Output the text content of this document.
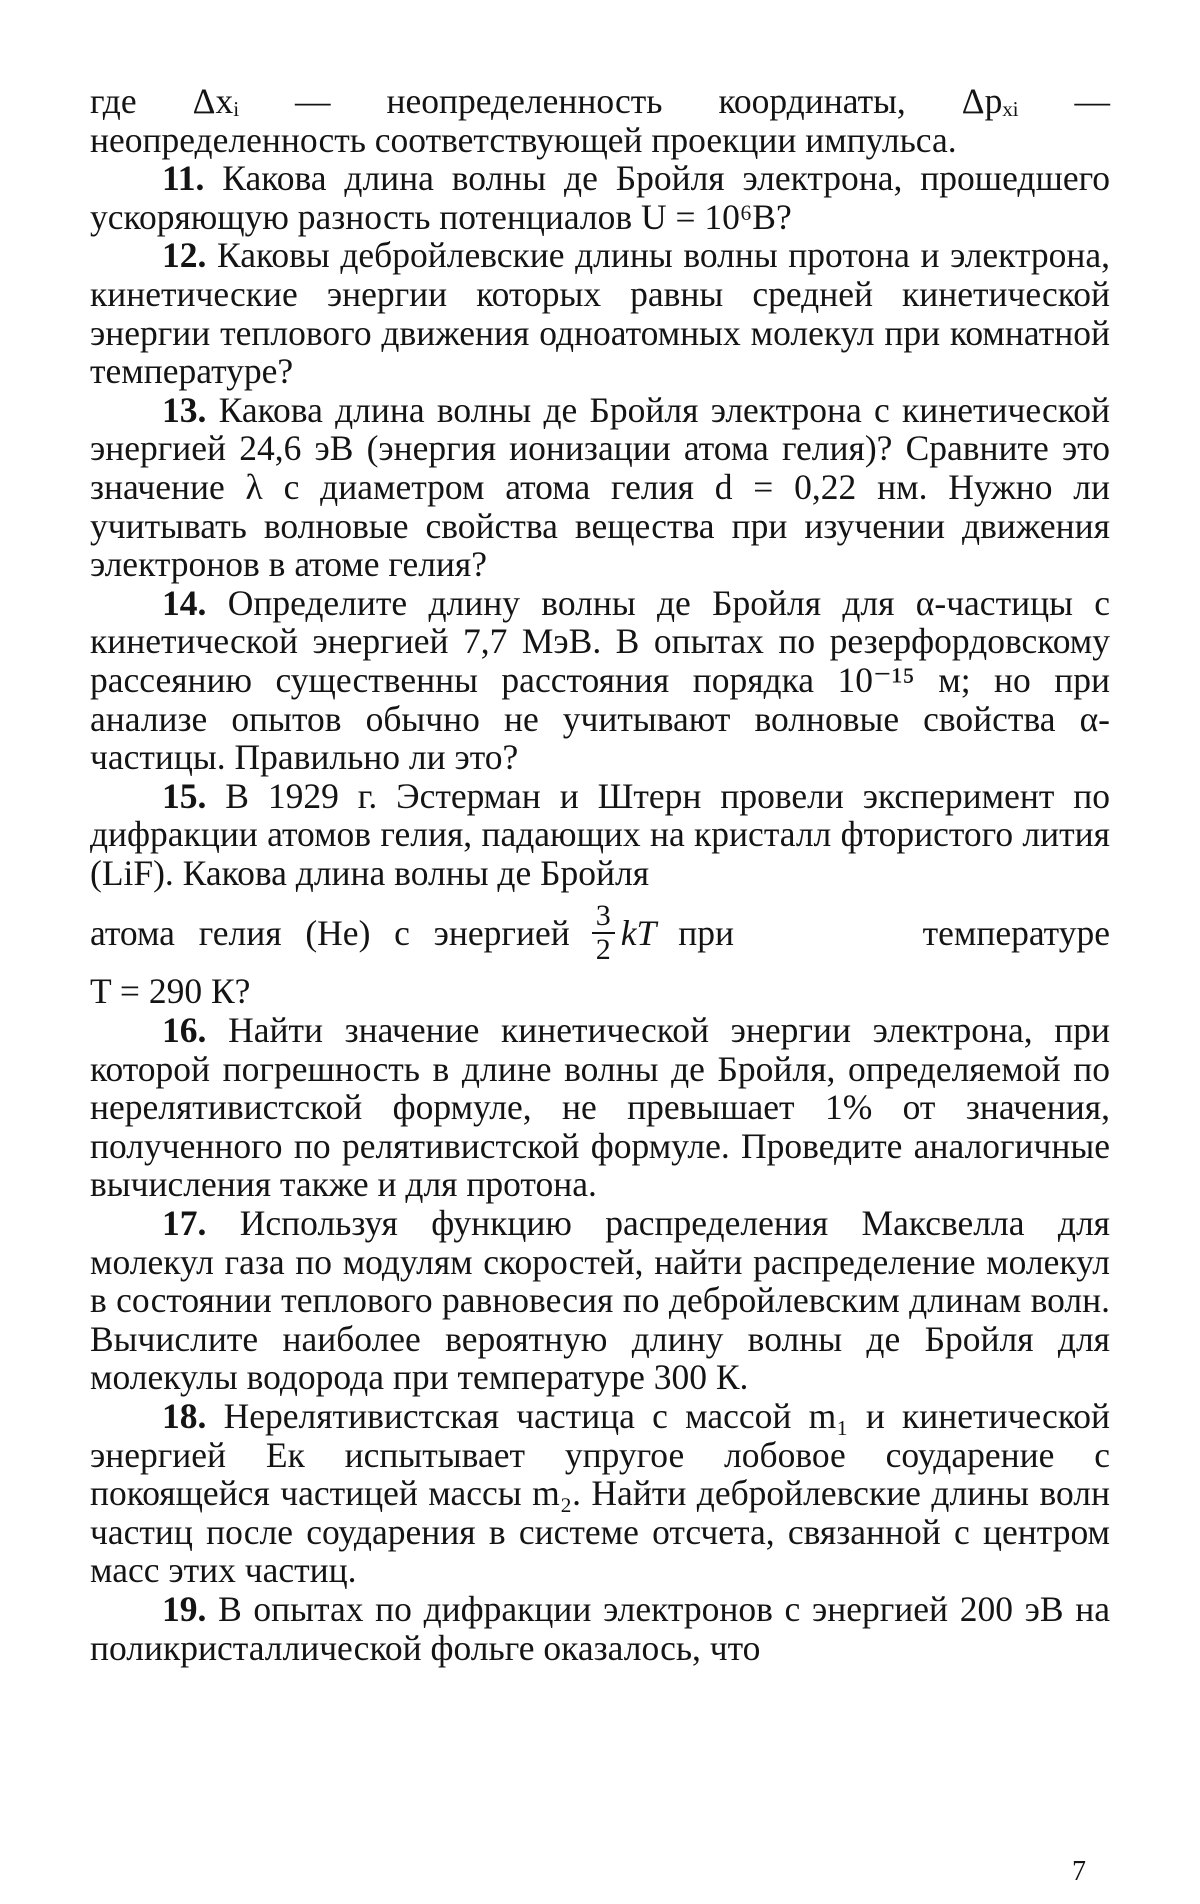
где Δxᵢ — неопределенность координаты, Δpₓᵢ — неопределенность соответствующей проекции импульса.

11. Какова длина волны де Бройля электрона, прошедшего ускоряющую разность потенциалов U = 10⁶В?

12. Каковы дебройлевские длины волны протона и электрона, кинетические энергии которых равны средней кинетической энергии теплового движения одноатомных молекул при комнатной температуре?

13. Какова длина волны де Бройля электрона с кинетической энергией 24,6 эВ (энергия ионизации атома гелия)? Сравните это значение λ с диаметром атома гелия d = 0,22 нм. Нужно ли учитывать волновые свойства вещества при изучении движения электронов в атоме гелия?

14. Определите длину волны де Бройля для α-частицы с кинетической энергией 7,7 МэВ. В опытах по резерфордовскому рассеянию существенны расстояния порядка 10⁻¹⁵ м; но при анализе опытов обычно не учитывают волновые свойства α-частицы. Правильно ли это?

15. В 1929 г. Эстерман и Штерн провели эксперимент по дифракции атомов гелия, падающих на кристалл фтористого лития (LiF). Какова длина волны де Бройля

атома гелия (He) с энергией $\frac{3}{2}$ kT при температуре

T = 290 К?

16. Найти значение кинетической энергии электрона, при которой погрешность в длине волны де Бройля, определяемой по нерелятивистской формуле, не превышает 1% от значения, полученного по релятивистской формуле. Проведите аналогичные вычисления также и для протона.

17. Используя функцию распределения Максвелла для молекул газа по модулям скоростей, найти распределение молекул в состоянии теплового равновесия по дебройлевским длинам волн. Вычислите наиболее вероятную длину волны де Бройля для молекулы водорода при температуре 300 К.

18. Нерелятивистская частица с массой m₁ и кинетической энергией Eк испытывает упругое лобовое соударение с покоящейся частицей массы m₂. Найти дебройлевские длины волн частиц после соударения в системе отсчета, связанной с центром масс этих частиц.

19. В опытах по дифракции электронов с энергией 200 эВ на поликристаллической фольге оказалось, что

7
